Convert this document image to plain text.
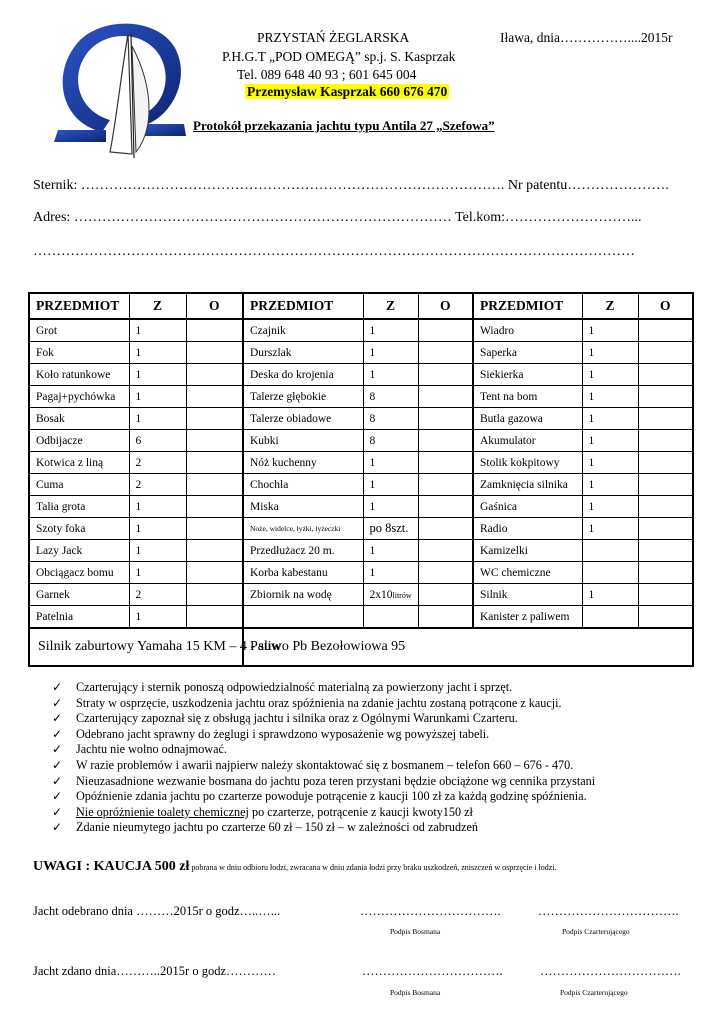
PRZYSTAŃ ŻEGLARSKA	Iława, dnia……………....2015r
P.H.G.T „POD OMEGĄ” sp.j. S. Kasprzak
Tel. 089 648 40 93 ; 601 645 004
Przemysław Kasprzak 660 676 470
Protokół przekazania jachtu typu Antila 27 „Szefowa”
Sternik: ………………………………………………………………………………. Nr patentu………………….
Adres: ……………………………………………………………………… Tel.kom:………………………...
…………………………………………………………………………………………………………………
PRZEDMIOT	Z	O	PRZEDMIOT	Z	O	PRZEDMIOT	Z	O
Grot	1		Czajnik	1		Wiadro	1	
Fok	1		Durszlak	1		Saperka	1	
Koło ratunkowe	1		Deska do krojenia	1		Siekierka	1	
Pagaj+pychówka	1		Talerze głębokie	8		Tent na bom	1	
Bosak	1		Talerze obiadowe	8		Butla gazowa	1	
Odbijacze	6		Kubki	8		Akumulator	1	
Kotwica z liną	2		Nóż kuchenny	1		Stolik kokpitowy	1	
Cuma	2		Chochla	1		Zamknięcia silnika	1	
Talia grota	1		Miska	1		Gaśnica	1	
Szoty foka	1		Noże, widelce, łyżki, łyżeczki	po 8szt.		Radio	1	
Lazy Jack	1		Przedłużacz 20 m.	1		Kamizelki		
Obciągacz bomu	1		Korba kabestanu	1		WC chemiczne		
Garnek	2		Zbiornik na wodę	2x10litrów		Silnik	1	
Patelnia	1					Kanister z paliwem		
Silnik zaburtowy Yamaha 15 KM – 4 - suw			Paliwo Pb Bezołowiowa 95					
✓ Czarterujący i sternik ponoszą odpowiedzialność materialną za powierzony jacht i sprzęt.
✓ Straty w osprzęcie, uszkodzenia jachtu oraz spóźnienia na zdanie jachtu zostaną potrącone z kaucji.
✓ Czarterujący zapoznał się z obsługą jachtu i silnika oraz z Ogólnymi Warunkami Czarteru.
✓ Odebrano jacht sprawny do żeglugi i sprawdzono wyposażenie wg powyższej tabeli.
✓ Jachtu nie wolno odnajmować.
✓ W razie problemów i awarii najpierw należy skontaktować się z bosmanem – telefon 660 – 676 - 470.
✓ Nieuzasadnione wezwanie bosmana do jachtu poza teren przystani będzie obciążone wg cennika przystani
✓ Opóźnienie zdania jachtu po czarterze powoduje potrącenie z kaucji 100 zł za każdą godzinę spóźnienia.
✓ Nie opróżnienie toalety chemicznej po czarterze, potrącenie z kaucji kwoty150 zł
✓ Zdanie nieumytego jachtu po czarterze 60 zł – 150 zł – w zależności od zabrudzeń
UWAGI : KAUCJA 500 zł pobrana w dniu odbioru łodzi, zwracana w dniu zdania łodzi przy braku uszkodzeń, zniszczeń w osprzęcie i łodzi.
Jacht odebrano dnia ………2015r o godz…..…...	…………………………….	…………………………….
Podpis Bosmana	Podpis Czarterującego
Jacht zdano dnia………..2015r o godz…………	…………………………….	…………………………….
Podpis Bosmana	Podpis Czarterującego
